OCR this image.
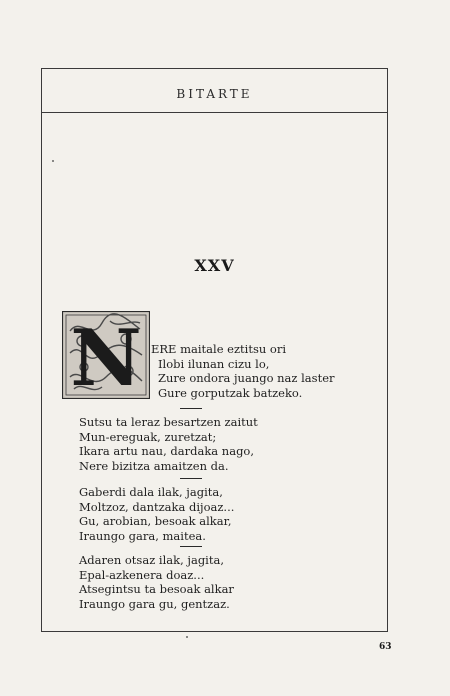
BITARTE
XXV
N ERE maitale eztitsu ori
Ilobi ilunan cizu lo,
Zure ondora juango naz laster
Gure gorputzak batzeko.
Sutsu ta leraz besartzen zaitut
Mun-ereguak, zuretzat;
Ikara artu nau, dardaka nago,
Nere bizitza amaitzen da.
Gaberdi dala ilak, jagita,
Moltzoz, dantzaka dijoaz...
Gu, arobian, besoak alkar,
Iraungo gara, maitea.
Adaren otsaz ilak, jagita,
Epal-azkenera doaz...
Atsegintsu ta besoak alkar
Iraungo gara gu, gentzaz.
63
